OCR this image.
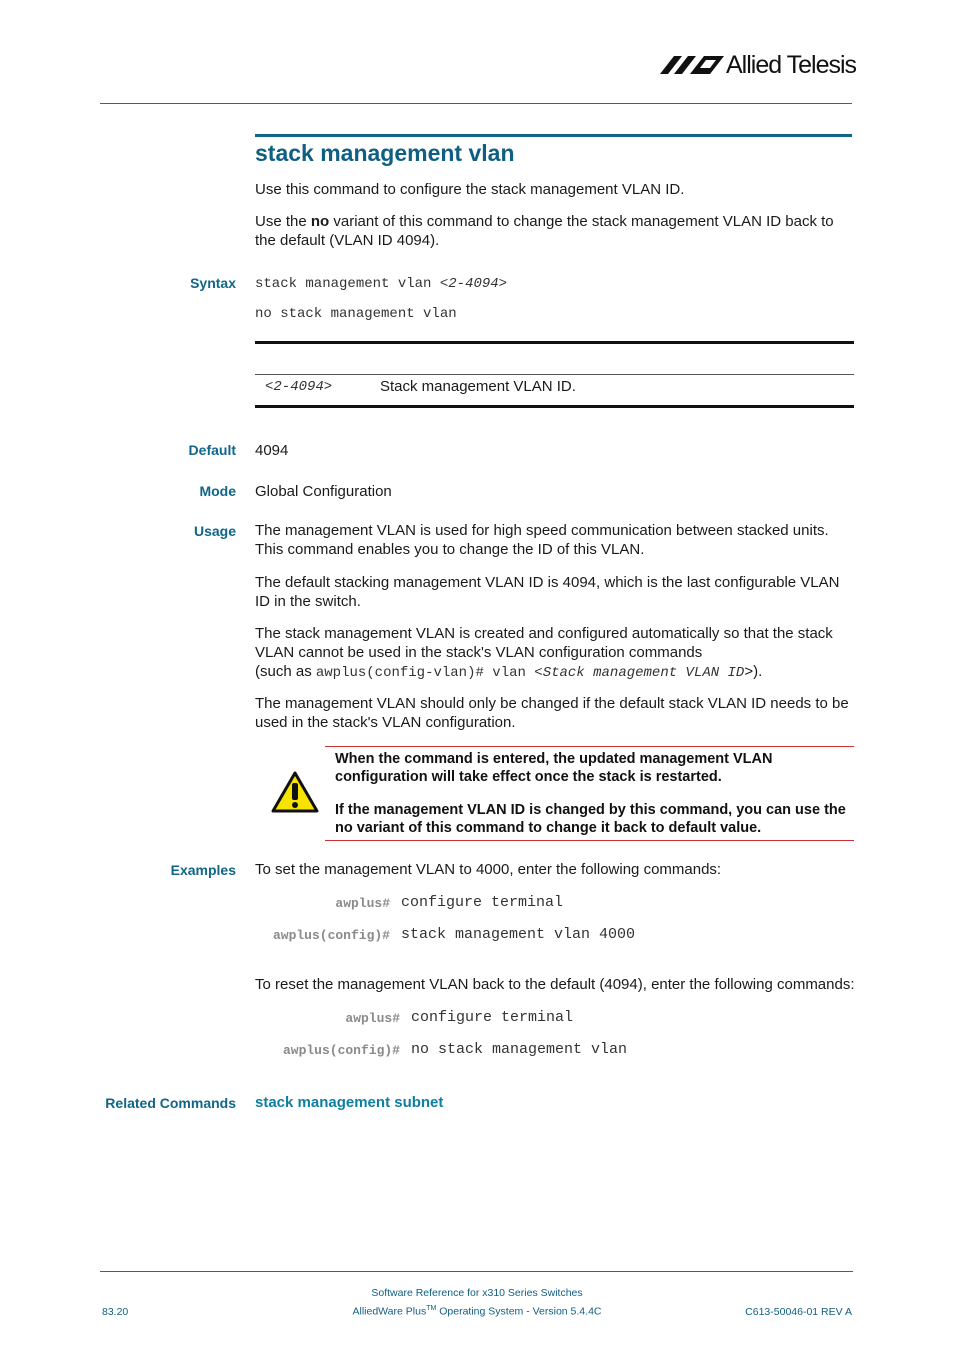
Allied Telesis
stack management vlan
Use this command to configure the stack management VLAN ID.
Use the no variant of this command to change the stack management VLAN ID back to the default (VLAN ID 4094).
Syntax stack management vlan <2-4094>
no stack management vlan
<2-4094>	Stack management VLAN ID.
Default 4094
Mode Global Configuration
Usage The management VLAN is used for high speed communication between stacked units. This command enables you to change the ID of this VLAN.
The default stacking management VLAN ID is 4094, which is the last configurable VLAN ID in the switch.
The stack management VLAN is created and configured automatically so that the stack VLAN cannot be used in the stack's VLAN configuration commands
(such as awplus(config-vlan)# vlan <Stack management VLAN ID>).
The management VLAN should only be changed if the default stack VLAN ID needs to be used in the stack's VLAN configuration.
When the command is entered, the updated management VLAN configuration will take effect once the stack is restarted.
If the management VLAN ID is changed by this command, you can use the no variant of this command to change it back to default value.
Examples To set the management VLAN to 4000, enter the following commands:
awplus# configure terminal
awplus(config)# stack management vlan 4000
To reset the management VLAN back to the default (4094), enter the following commands:
awplus# configure terminal
awplus(config)# no stack management vlan
Related Commands stack management subnet
Software Reference for x310 Series Switches
AlliedWare Plus™ Operating System - Version 5.4.4C
83.20	C613-50046-01 REV A
